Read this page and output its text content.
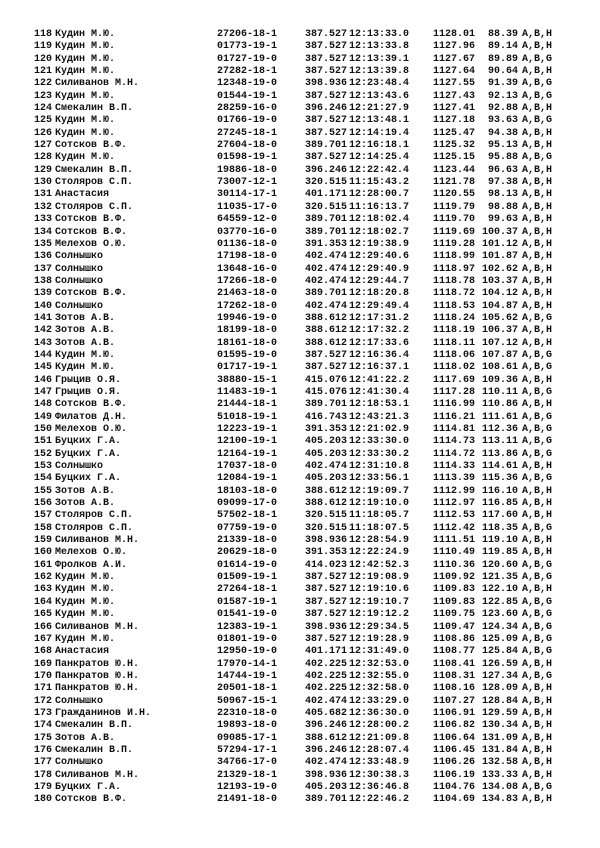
118 Кудин М.Ю.	27206-18-1	387.527 12:13:33.0 1128.01	88.39 A,B,H
119 Кудин М.Ю.	01773-19-1	387.527 12:13:33.8 1127.96	89.14 A,B,H
120 Кудин М.Ю.	01727-19-0	387.527 12:13:39.1 1127.67	89.89 A,B,G
121 Кудин М.Ю.	27282-18-1	387.527 12:13:39.8 1127.64	90.64 A,B,H
122 Силиванов М.Н.	12348-19-0	398.936 12:23:48.4 1127.55	91.39 A,B,G
123 Кудин М.Ю.	01544-19-1	387.527 12:13:43.6 1127.43	92.13 A,B,G
124 Смекалин В.П.	28259-16-0	396.246 12:21:27.9 1127.41	92.88 A,B,H
125 Кудин М.Ю.	01766-19-0	387.527 12:13:48.1 1127.18	93.63 A,B,G
126 Кудин М.Ю.	27245-18-1	387.527 12:14:19.4 1125.47	94.38 A,B,H
127 Сотсков В.Ф.	27604-18-0	389.701 12:16:18.1 1125.32	95.13 A,B,H
128 Кудин М.Ю.	01598-19-1	387.527 12:14:25.4 1125.15	95.88 A,B,G
129 Смекалин В.П.	19886-18-0	396.246 12:22:42.4 1123.44	96.63 A,B,H
130 Столяров С.П.	73007-12-1	320.515 11:15:43.2 1121.78	97.38 A,B,H
131 Анастасия	30114-17-1	401.171 12:28:00.7 1120.55	98.13 A,B,H
132 Столяров С.П.	11035-17-0	320.515 11:16:13.7 1119.79	98.88 A,B,H
133 Сотсков В.Ф.	64559-12-0	389.701 12:18:02.4 1119.70	99.63 A,B,H
134 Сотсков В.Ф.	03770-16-0	389.701 12:18:02.7 1119.69 100.37 A,B,H
135 Мелехов О.Ю.	01136-18-0	391.353 12:19:38.9 1119.28 101.12 A,B,H
136 Солнышко	17198-18-0	402.474 12:29:40.6 1118.99 101.87 A,B,H
137 Солнышко	13648-16-0	402.474 12:29:40.9 1118.97 102.62 A,B,H
138 Солнышко	17266-18-0	402.474 12:29:44.7 1118.78 103.37 A,B,H
139 Сотсков В.Ф.	21463-18-0	389.701 12:18:20.8 1118.72 104.12 A,B,H
140 Солнышко	17262-18-0	402.474 12:29:49.4 1118.53 104.87 A,B,H
141 Зотов А.В.	19946-19-0	388.612 12:17:31.2 1118.24 105.62 A,B,G
142 Зотов А.В.	18199-18-0	388.612 12:17:32.2 1118.19 106.37 A,B,H
143 Зотов А.В.	18161-18-0	388.612 12:17:33.6 1118.11 107.12 A,B,H
144 Кудин М.Ю.	01595-19-0	387.527 12:16:36.4 1118.06 107.87 A,B,G
145 Кудин М.Ю.	01717-19-1	387.527 12:16:37.1 1118.02 108.61 A,B,G
146 Грыцив О.Я.	38880-15-1	415.076 12:41:22.2 1117.69 109.36 A,B,H
147 Грыцив О.Я.	11483-19-1	415.076 12:41:30.4 1117.28 110.11 A,B,G
148 Сотсков В.Ф.	21444-18-1	389.701 12:18:53.1 1116.99 110.86 A,B,H
149 Филатов Д.Н.	51018-19-1	416.743 12:43:21.3 1116.21 111.61 A,B,G
150 Мелехов О.Ю.	12223-19-1	391.353 12:21:02.9 1114.81 112.36 A,B,G
151 Буцких Г.А.	12100-19-1	405.203 12:33:30.0 1114.73 113.11 A,B,G
152 Буцких Г.А.	12164-19-1	405.203 12:33:30.2 1114.72 113.86 A,B,G
153 Солнышко	17037-18-0	402.474 12:31:10.8 1114.33 114.61 A,B,H
154 Буцких Г.А.	12084-19-1	405.203 12:33:56.1 1113.39 115.36 A,B,G
155 Зотов А.В.	18103-18-0	388.612 12:19:09.7 1112.99 116.10 A,B,H
156 Зотов А.В.	09099-17-0	388.612 12:19:10.0 1112.97 116.85 A,B,H
157 Столяров С.П.	57502-18-1	320.515 11:18:05.7 1112.53 117.60 A,B,H
158 Столяров С.П.	07759-19-0	320.515 11:18:07.5 1112.42 118.35 A,B,G
159 Силиванов М.Н.	21339-18-0	398.936 12:28:54.9 1111.51 119.10 A,B,H
160 Мелехов О.Ю.	20629-18-0	391.353 12:22:24.9 1110.49 119.85 A,B,H
161 Фролков А.И.	01614-19-0	414.023 12:42:52.3 1110.36 120.60 A,B,G
162 Кудин М.Ю.	01509-19-1	387.527 12:19:08.9 1109.92 121.35 A,B,G
163 Кудин М.Ю.	27264-18-1	387.527 12:19:10.6 1109.83 122.10 A,B,H
164 Кудин М.Ю.	01587-19-1	387.527 12:19:10.7 1109.83 122.85 A,B,G
165 Кудин М.Ю.	01541-19-0	387.527 12:19:12.2 1109.75 123.60 A,B,G
166 Силиванов М.Н.	12383-19-1	398.936 12:29:34.5 1109.47 124.34 A,B,G
167 Кудин М.Ю.	01801-19-0	387.527 12:19:28.9 1108.86 125.09 A,B,G
168 Анастасия	12950-19-0	401.171 12:31:49.0 1108.77 125.84 A,B,G
169 Панкратов Ю.Н.	17970-14-1	402.225 12:32:53.0 1108.41 126.59 A,B,H
170 Панкратов Ю.Н.	14744-19-1	402.225 12:32:55.0 1108.31 127.34 A,B,G
171 Панкратов Ю.Н.	20501-18-1	402.225 12:32:58.0 1108.16 128.09 A,B,H
172 Солнышко	50967-15-1	402.474 12:33:29.0 1107.27 128.84 A,B,H
173 Гражданинов И.Н.	22310-18-0	405.682 12:36:30.0 1106.91 129.59 A,B,H
174 Смекалин В.П.	19893-18-0	396.246 12:28:00.2 1106.82 130.34 A,B,H
175 Зотов А.В.	09085-17-1	388.612 12:21:09.8 1106.64 131.09 A,B,H
176 Смекалин В.П.	57294-17-1	396.246 12:28:07.4 1106.45 131.84 A,B,H
177 Солнышко	34766-17-0	402.474 12:33:48.9 1106.26 132.58 A,B,H
178 Силиванов М.Н.	21329-18-1	398.936 12:30:38.3 1106.19 133.33 A,B,H
179 Буцких Г.А.	12193-19-0	405.203 12:36:46.8 1104.76 134.08 A,B,G
180 Сотсков В.Ф.	21491-18-0	389.701 12:22:46.2 1104.69 134.83 A,B,H
